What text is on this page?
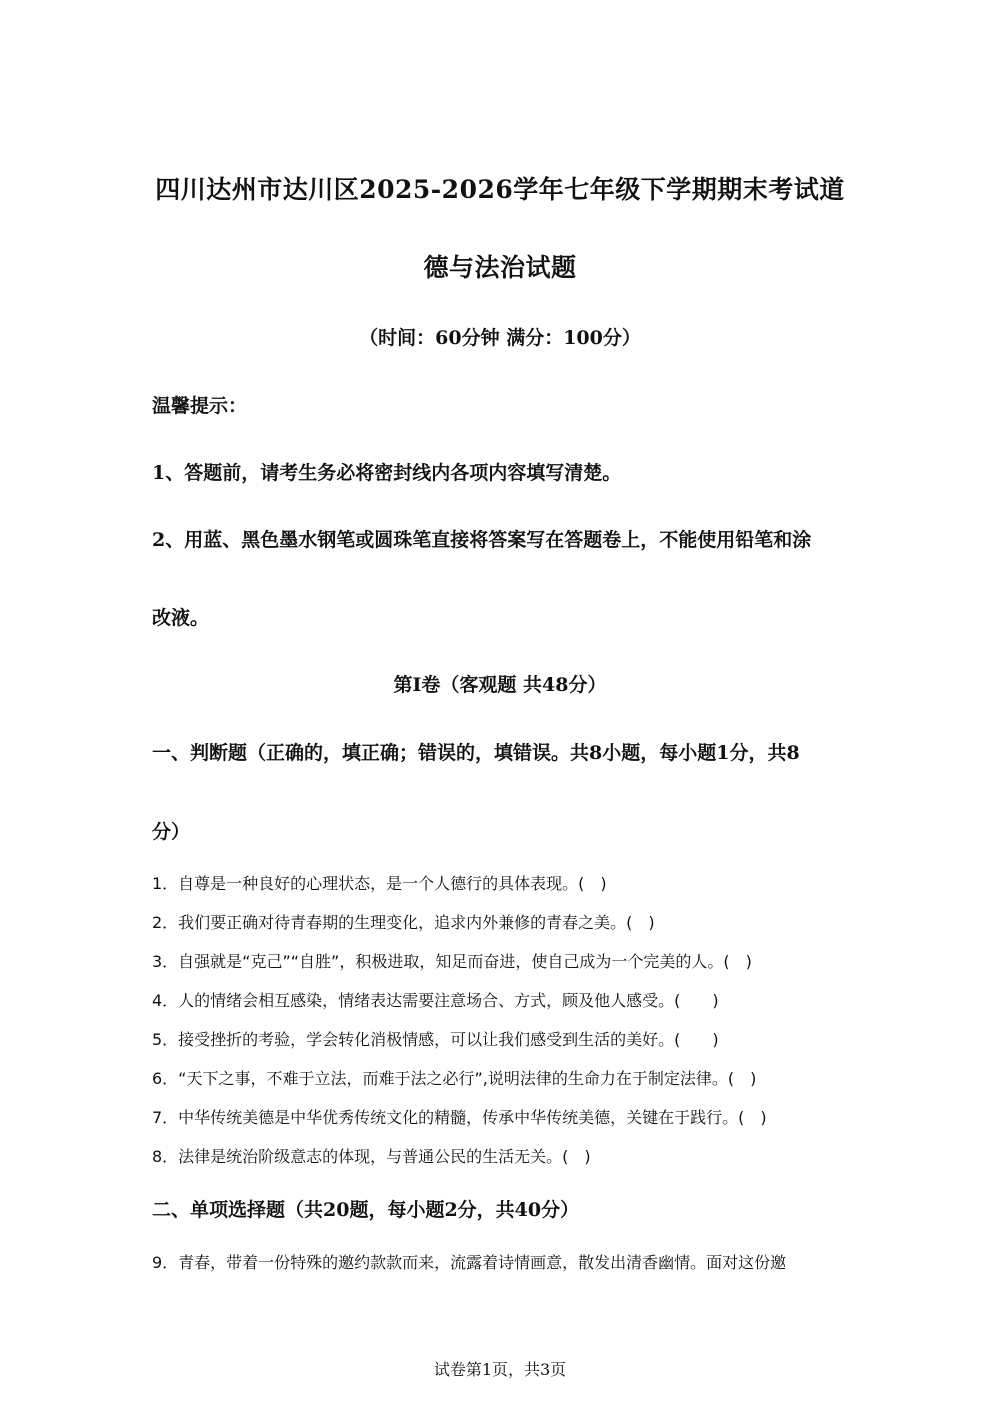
四川达州市达川区2025-2026学年七年级下学期期末考试道
德与法治试题
（时间：60分钟 满分：100分）
温馨提示：
1、答题前，请考生务必将密封线内各项内容填写清楚。
2、用蓝、黑色墨水钢笔或圆珠笔直接将答案写在答题卷上，不能使用铅笔和涂
改液。
第I卷（客观题 共48分）
一、判断题（正确的，填正确；错误的，填错误。共8小题，每小题1分，共8
分）
1．自尊是一种良好的心理状态，是一个人德行的具体表现。(　)
2．我们要正确对待青春期的生理变化，追求内外兼修的青春之美。(　)
3．自强就是“克己”“自胜”，积极进取，知足而奋进，使自己成为一个完美的人。(　)
4．人的情绪会相互感染，情绪表达需要注意场合、方式，顾及他人感受。(　　)
5．接受挫折的考验，学会转化消极情感，可以让我们感受到生活的美好。(　　)
6．“天下之事，不难于立法，而难于法之必行”,说明法律的生命力在于制定法律。(　)
7．中华传统美德是中华优秀传统文化的精髓，传承中华传统美德，关键在于践行。(　)
8．法律是统治阶级意志的体现，与普通公民的生活无关。(　)
二、单项选择题（共20题，每小题2分，共40分）
9．青春，带着一份特殊的邀约款款而来，流露着诗情画意，散发出清香幽情。面对这份邀
试卷第1页，共3页
